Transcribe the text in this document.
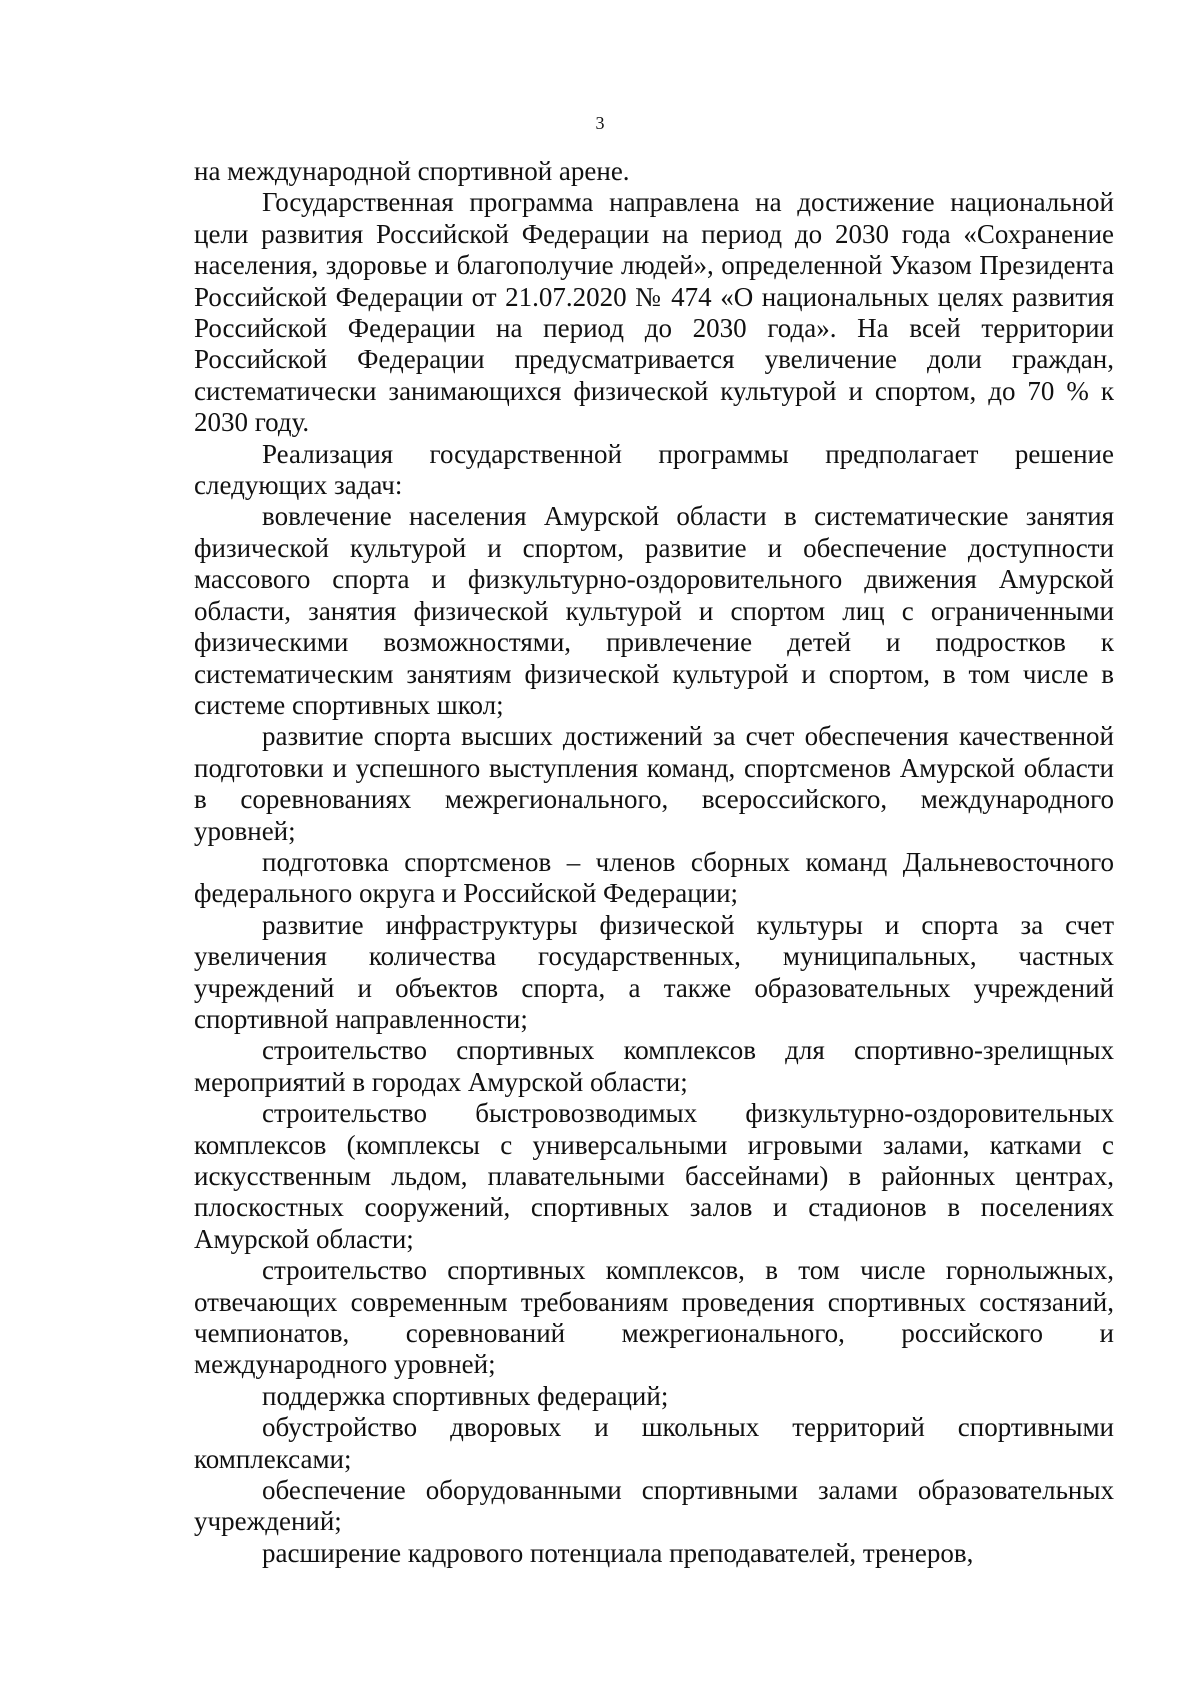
3

на международной спортивной арене.

Государственная программа направлена на достижение национальной цели развития Российской Федерации на период до 2030 года «Сохранение населения, здоровье и благополучие людей», определенной Указом Президента Российской Федерации от 21.07.2020 № 474 «О национальных целях развития Российской Федерации на период до 2030 года». На всей территории Российской Федерации предусматривается увеличение доли граждан, систематически занимающихся физической культурой и спортом, до 70 % к 2030 году.

Реализация государственной программы предполагает решение следующих задач:

вовлечение населения Амурской области в систематические занятия физической культурой и спортом, развитие и обеспечение доступности массового спорта и физкультурно-оздоровительного движения Амурской области, занятия физической культурой и спортом лиц с ограниченными физическими возможностями, привлечение детей и подростков к систематическим занятиям физической культурой и спортом, в том числе в системе спортивных школ;

развитие спорта высших достижений за счет обеспечения качественной подготовки и успешного выступления команд, спортсменов Амурской области в соревнованиях межрегионального, всероссийского, международного уровней;

подготовка спортсменов – членов сборных команд Дальневосточного федерального округа и Российской Федерации;

развитие инфраструктуры физической культуры и спорта за счет увеличения количества государственных, муниципальных, частных учреждений и объектов спорта, а также образовательных учреждений спортивной направленности;

строительство спортивных комплексов для спортивно-зрелищных мероприятий в городах Амурской области;

строительство быстровозводимых физкультурно-оздоровительных комплексов (комплексы с универсальными игровыми залами, катками с искусственным льдом, плавательными бассейнами) в районных центрах, плоскостных сооружений, спортивных залов и стадионов в поселениях Амурской области;

строительство спортивных комплексов, в том числе горнолыжных, отвечающих современным требованиям проведения спортивных состязаний, чемпионатов, соревнований межрегионального, российского и международного уровней;

поддержка спортивных федераций;

обустройство дворовых и школьных территорий спортивными комплексами;

обеспечение оборудованными спортивными залами образовательных учреждений;

расширение кадрового потенциала преподавателей, тренеров,
